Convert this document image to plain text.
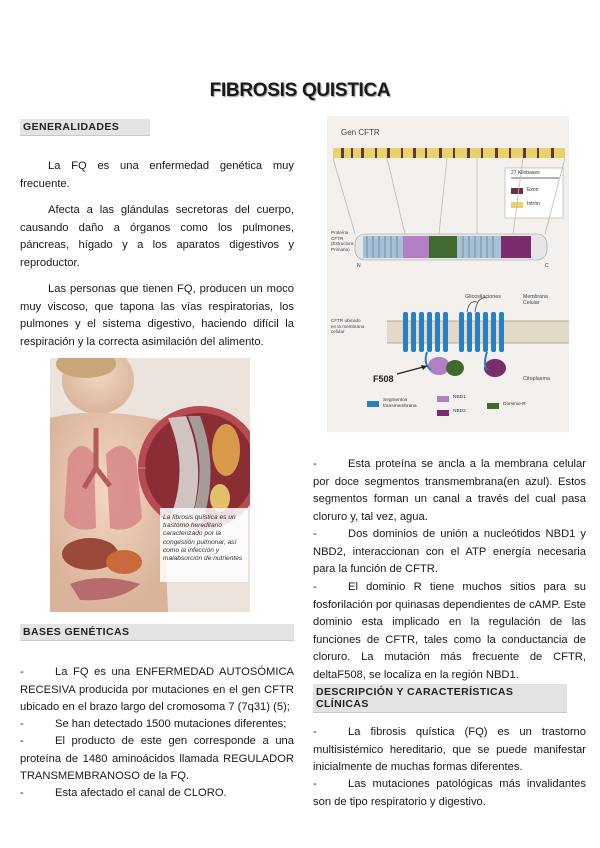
FIBROSIS QUISTICA
GENERALIDADES
La FQ es una enfermedad genética muy frecuente.
Afecta a las glándulas secretoras del cuerpo, causando daño a órganos como los pulmones, páncreas, hígado y a los aparatos digestivos y reproductor.
Las personas que tienen FQ, producen un moco muy viscoso, que tapona las vías respiratorias, los pulmones y el sistema digestivo, haciendo difícil la respiración y la correcta asimilación del alimento.
La fibrosis quística es un trastorno hereditario caracterizado por la congestión pulmonar, así como la infección y malabsorción de nutrientes
BASES GENÉTICAS
-	La FQ es una ENFERMEDAD AUTOSÓMICA RECESIVA producida por mutaciones en el gen CFTR ubicado en el brazo largo del cromosoma 7 (7q31) (5);
-	Se han detectado 1500 mutaciones diferentes;
-	El producto de este gen corresponde a una proteína de 1480 aminoácidos llamada REGULADOR TRANSMEMBRANOSO de la FQ.
-	Esta afectado el canal de CLORO.
Gen CFTR
27 Kilobases
Exon
Intrón
Proteína CFTR (Estructura Primaria)
N	C
Glicosilaciones	Membrana Celular
CFTR ubicado en la membrana celular
F508	Citoplasma
Segmentos transmembrana
NBD1
NBD2
Dominio-R
-	Esta proteína se ancla a la membrana celular por doce segmentos transmembrana(en azul). Estos segmentos forman un canal a través del cual pasa cloruro y, tal vez, agua.
-	Dos dominios de unión a nucleótidos NBD1 y NBD2, interaccionan con el ATP energía necesaria para la función de CFTR.
-	El dominio R tiene muchos sitios para su fosforilación por quinasas dependientes de cAMP. Este dominio esta implicado en la regulación de las funciones de CFTR, tales como la conductancia de cloruro. La mutación más frecuente de CFTR, deltaF508, se localiza en la región NBD1.
DESCRIPCIÓN Y CARACTERÍSTICAS CLÍNICAS
-	La fibrosis quística (FQ) es un trastorno multisistémico hereditario, que se puede manifestar inicialmente de muchas formas diferentes.
-	Las mutaciones patológicas más invalidantes son de tipo respiratorio y digestivo.
